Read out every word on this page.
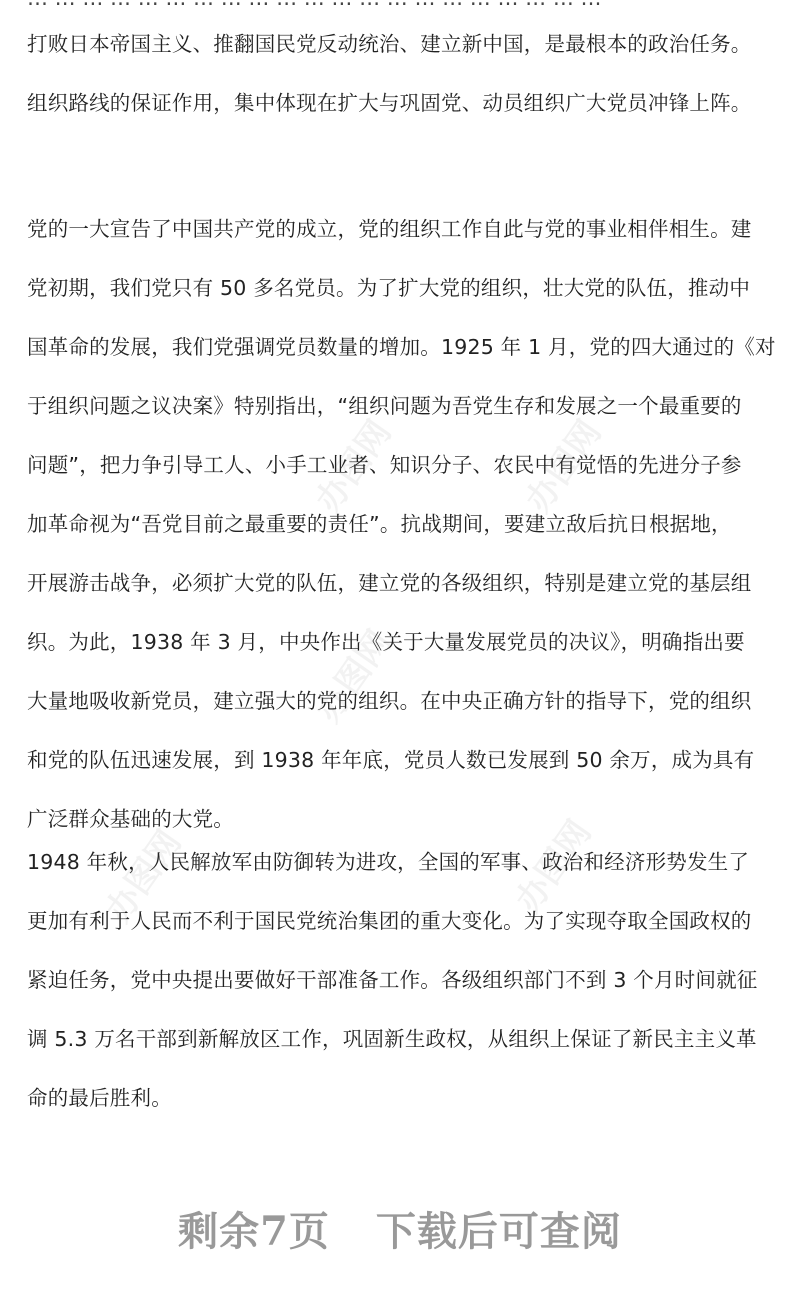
办图网	办图网
办图网
办图网	办图网
打败日本帝国主义、推翻国民党反动统治、建立新中国，是最根本的政治任务。
组织路线的保证作用，集中体现在扩大与巩固党、动员组织广大党员冲锋上阵。
党的一大宣告了中国共产党的成立，党的组织工作自此与党的事业相伴相生。建
党初期，我们党只有 50 多名党员。为了扩大党的组织，壮大党的队伍，推动中
国革命的发展，我们党强调党员数量的增加。1925 年 1 月，党的四大通过的《对
于组织问题之议决案》特别指出，“组织问题为吾党生存和发展之一个最重要的
问题”，把力争引导工人、小手工业者、知识分子、农民中有觉悟的先进分子参
加革命视为“吾党目前之最重要的责任”。抗战期间，要建立敌后抗日根据地，
开展游击战争，必须扩大党的队伍，建立党的各级组织，特别是建立党的基层组
织。为此，1938 年 3 月，中央作出《关于大量发展党员的决议》，明确指出要
大量地吸收新党员，建立强大的党的组织。在中央正确方针的指导下，党的组织
和党的队伍迅速发展，到 1938 年年底，党员人数已发展到 50 余万，成为具有
广泛群众基础的大党。
1948 年秋，人民解放军由防御转为进攻，全国的军事、政治和经济形势发生了
更加有利于人民而不利于国民党统治集团的重大变化。为了实现夺取全国政权的
紧迫任务，党中央提出要做好干部准备工作。各级组织部门不到 3 个月时间就征
调 5.3 万名干部到新解放区工作，巩固新生政权，从组织上保证了新民主主义革
命的最后胜利。
剩余7页 下载后可查阅
